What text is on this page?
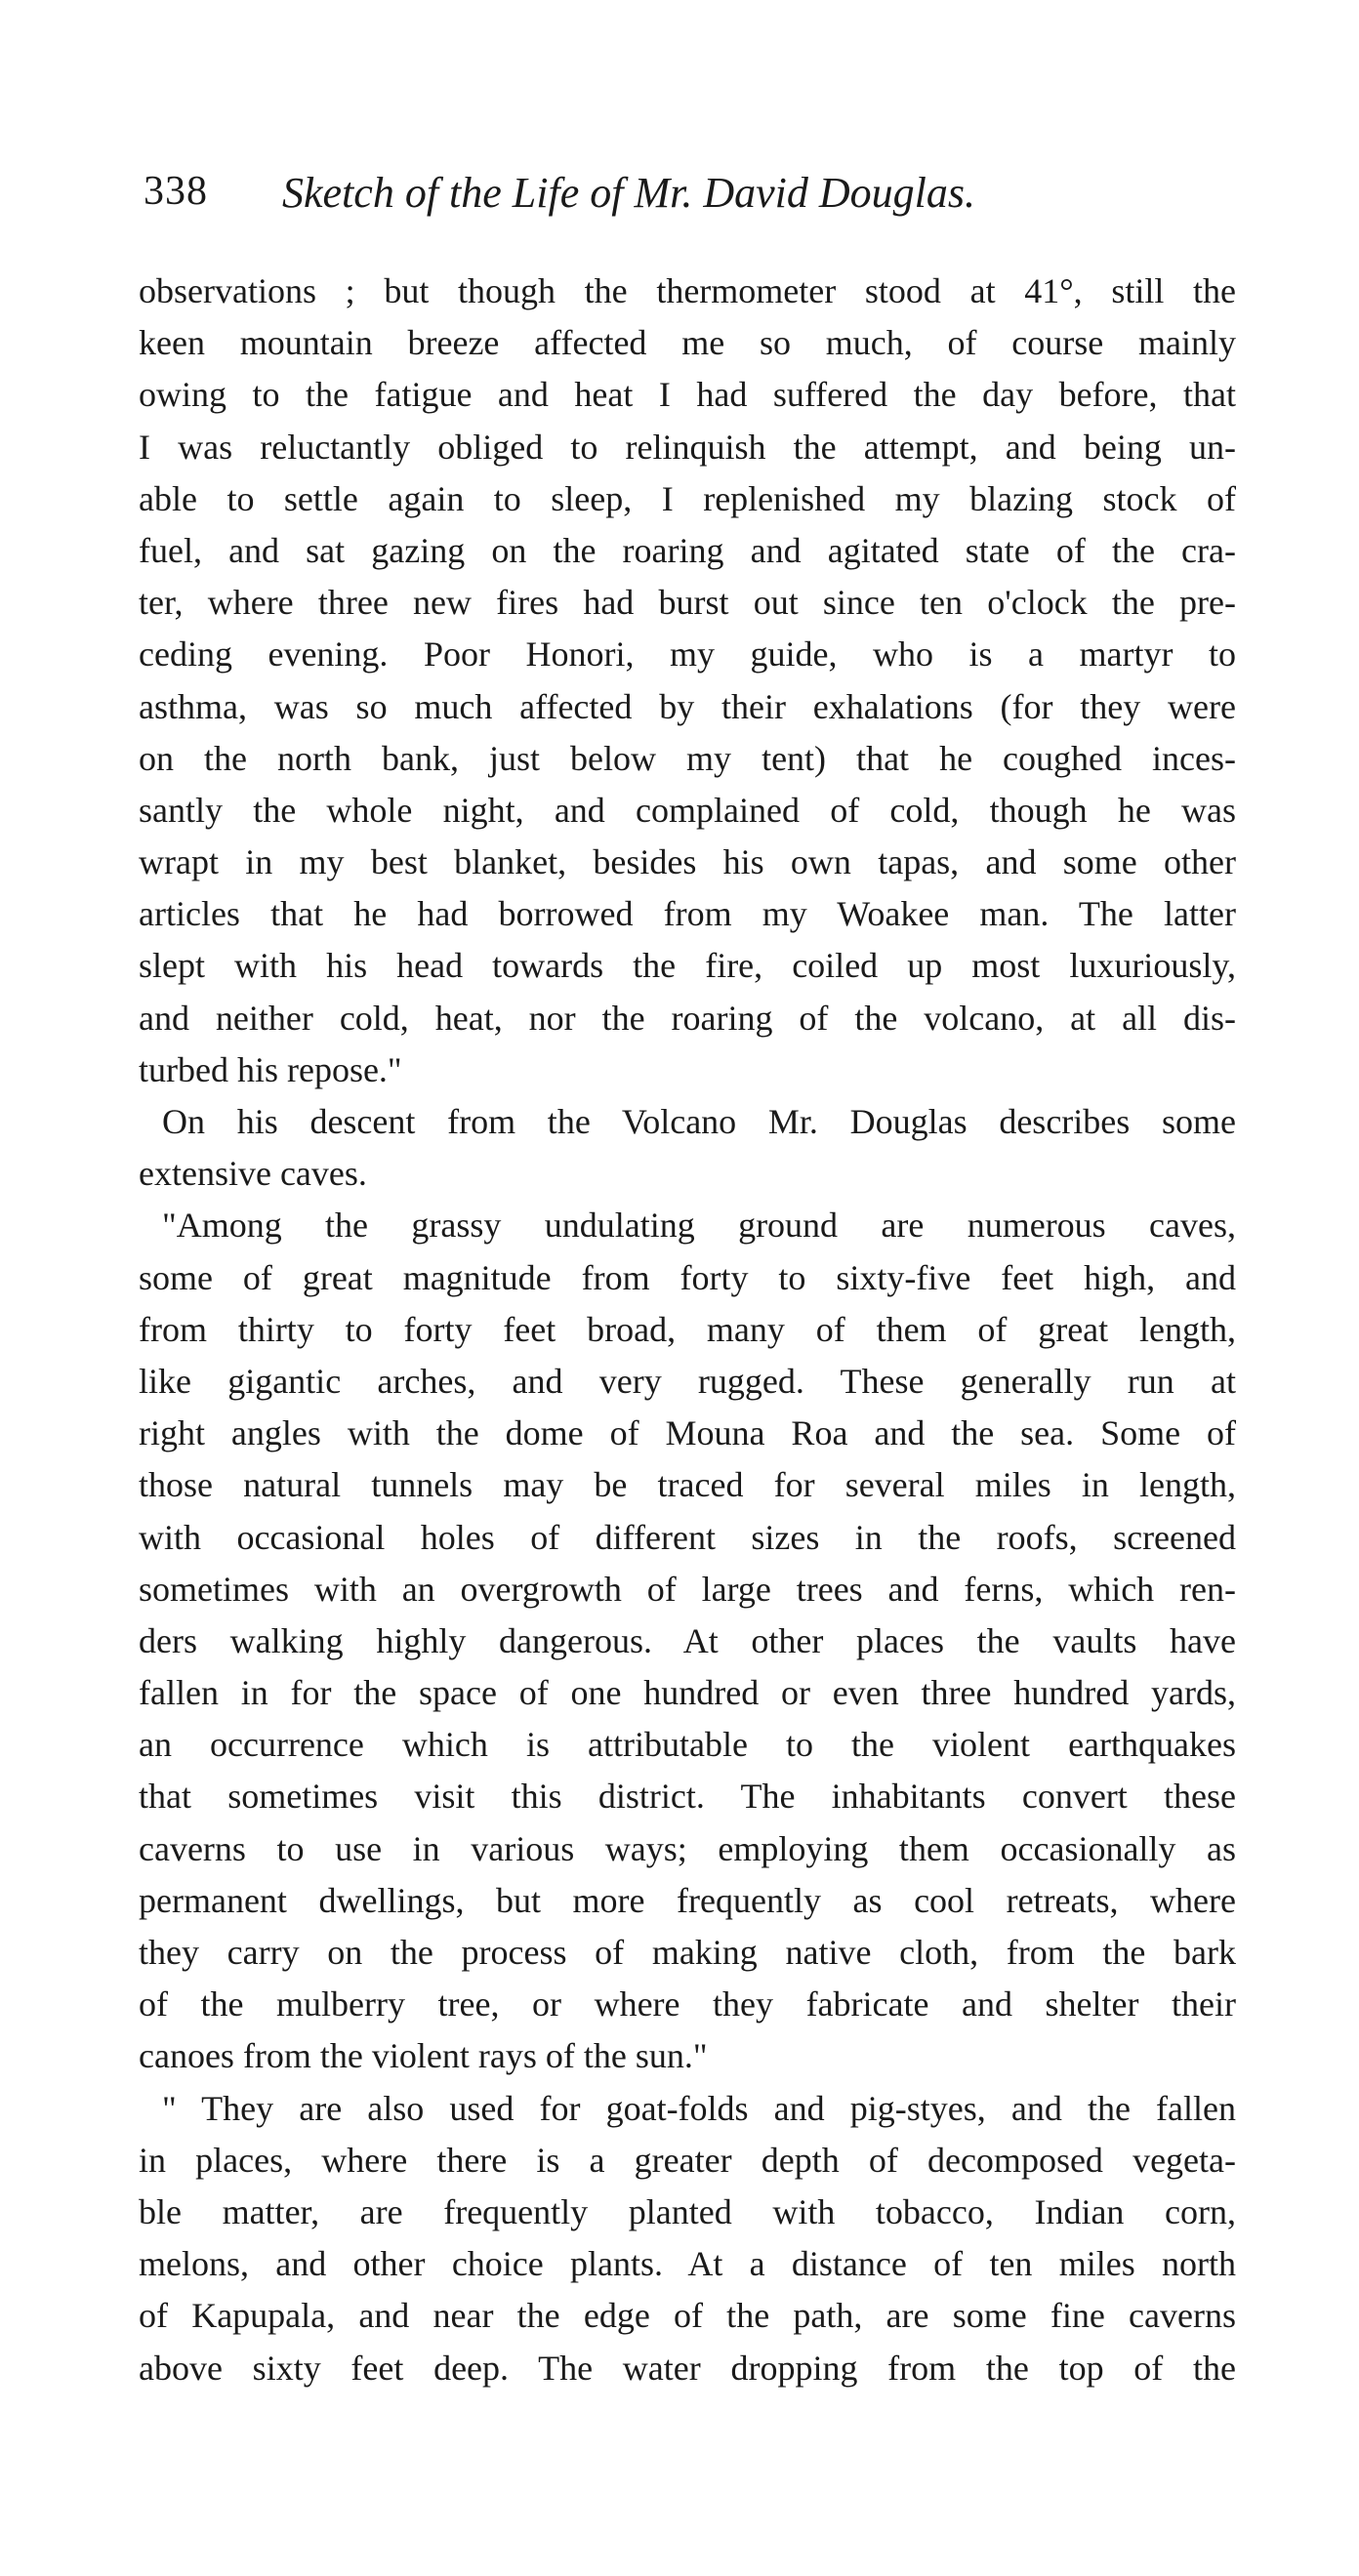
338 Sketch of the Life of Mr. David Douglas.
observations ; but though the thermometer stood at 41°, still the
keen mountain breeze affected me so much, of course mainly
owing to the fatigue and heat I had suffered the day before, that
I was reluctantly obliged to relinquish the attempt, and being un-
able to settle again to sleep, I replenished my blazing stock of
fuel, and sat gazing on the roaring and agitated state of the cra-
ter, where three new fires had burst out since ten o'clock the pre-
ceding evening. Poor Honori, my guide, who is a martyr to
asthma, was so much affected by their exhalations (for they were
on the north bank, just below my tent) that he coughed inces-
santly the whole night, and complained of cold, though he was
wrapt in my best blanket, besides his own tapas, and some other
articles that he had borrowed from my Woakee man. The latter
slept with his head towards the fire, coiled up most luxuriously,
and neither cold, heat, nor the roaring of the volcano, at all dis-
turbed his repose."
On his descent from the Volcano Mr. Douglas describes some
extensive caves.
"Among the grassy undulating ground are numerous caves,
some of great magnitude from forty to sixty-five feet high, and
from thirty to forty feet broad, many of them of great length,
like gigantic arches, and very rugged. These generally run at
right angles with the dome of Mouna Roa and the sea. Some of
those natural tunnels may be traced for several miles in length,
with occasional holes of different sizes in the roofs, screened
sometimes with an overgrowth of large trees and ferns, which ren-
ders walking highly dangerous. At other places the vaults have
fallen in for the space of one hundred or even three hundred yards,
an occurrence which is attributable to the violent earthquakes
that sometimes visit this district. The inhabitants convert these
caverns to use in various ways; employing them occasionally as
permanent dwellings, but more frequently as cool retreats, where
they carry on the process of making native cloth, from the bark
of the mulberry tree, or where they fabricate and shelter their
canoes from the violent rays of the sun."
" They are also used for goat-folds and pig-styes, and the fallen
in places, where there is a greater depth of decomposed vegeta-
ble matter, are frequently planted with tobacco, Indian corn,
melons, and other choice plants. At a distance of ten miles north
of Kapupala, and near the edge of the path, are some fine caverns
above sixty feet deep. The water dropping from the top of the
